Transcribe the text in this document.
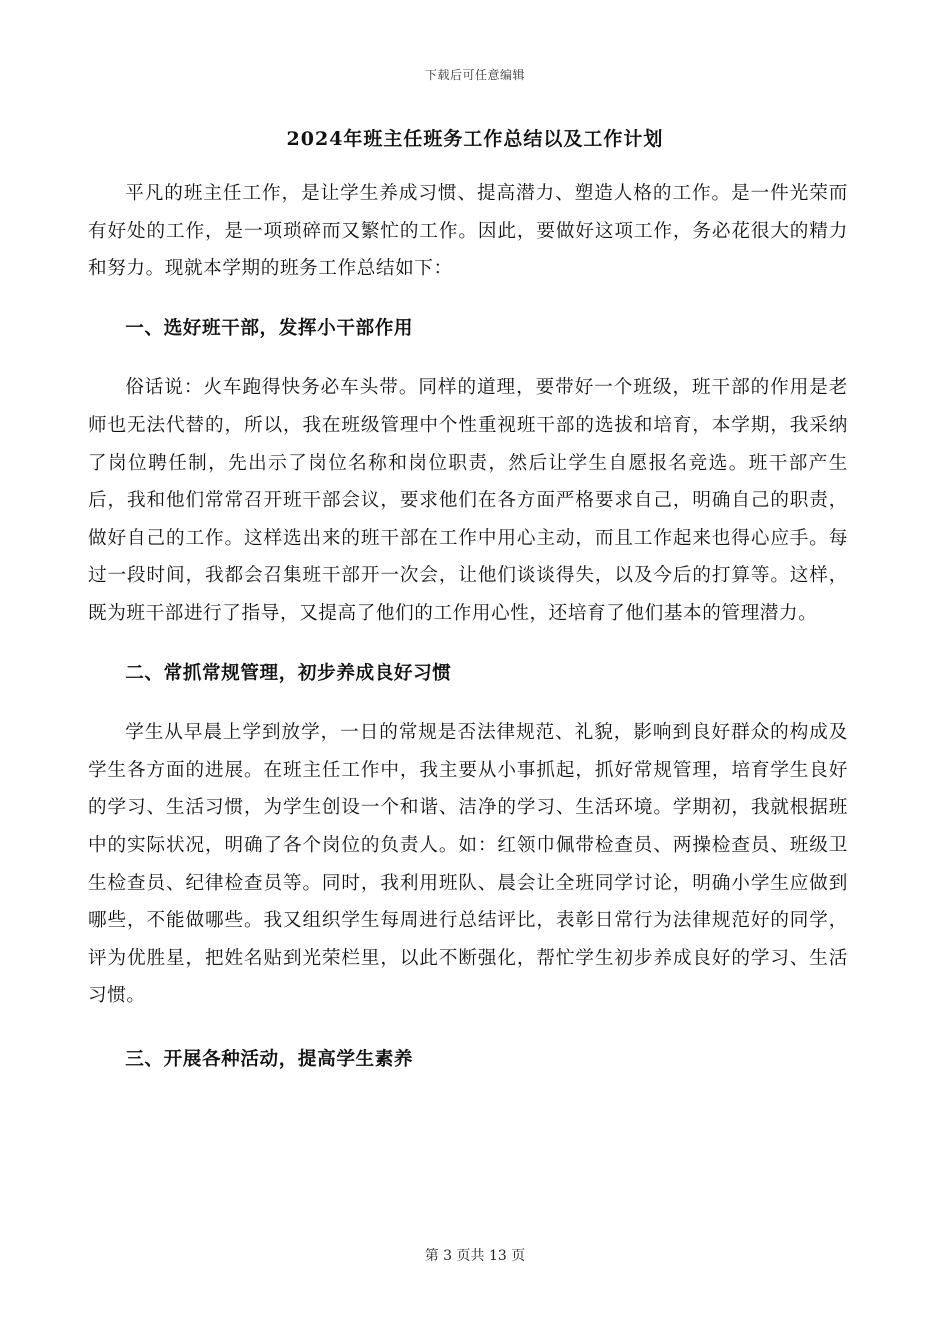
下载后可任意编辑
2024年班主任班务工作总结以及工作计划

平凡的班主任工作，是让学生养成习惯、提高潜力、塑造人格的工作。是一件光荣而有好处的工作，是一项琐碎而又繁忙的工作。因此，要做好这项工作，务必花很大的精力和努力。现就本学期的班务工作总结如下：

一、选好班干部，发挥小干部作用

俗话说：火车跑得快务必车头带。同样的道理，要带好一个班级，班干部的作用是老师也无法代替的，所以，我在班级管理中个性重视班干部的选拔和培育，本学期，我采纳了岗位聘任制，先出示了岗位名称和岗位职责，然后让学生自愿报名竞选。班干部产生后，我和他们常常召开班干部会议，要求他们在各方面严格要求自己，明确自己的职责，做好自己的工作。这样选出来的班干部在工作中用心主动，而且工作起来也得心应手。每过一段时间，我都会召集班干部开一次会，让他们谈谈得失，以及今后的打算等。这样，既为班干部进行了指导，又提高了他们的工作用心性，还培育了他们基本的管理潜力。

二、常抓常规管理，初步养成良好习惯

学生从早晨上学到放学，一日的常规是否法律规范、礼貌，影响到良好群众的构成及学生各方面的进展。在班主任工作中，我主要从小事抓起，抓好常规管理，培育学生良好的学习、生活习惯，为学生创设一个和谐、洁净的学习、生活环境。学期初，我就根据班中的实际状况，明确了各个岗位的负责人。如：红领巾佩带检查员、两操检查员、班级卫生检查员、纪律检查员等。同时，我利用班队、晨会让全班同学讨论，明确小学生应做到哪些，不能做哪些。我又组织学生每周进行总结评比，表彰日常行为法律规范好的同学，评为优胜星，把姓名贴到光荣栏里，以此不断强化，帮忙学生初步养成良好的学习、生活习惯。

三、开展各种活动，提高学生素养
第 3 页共 13 页
